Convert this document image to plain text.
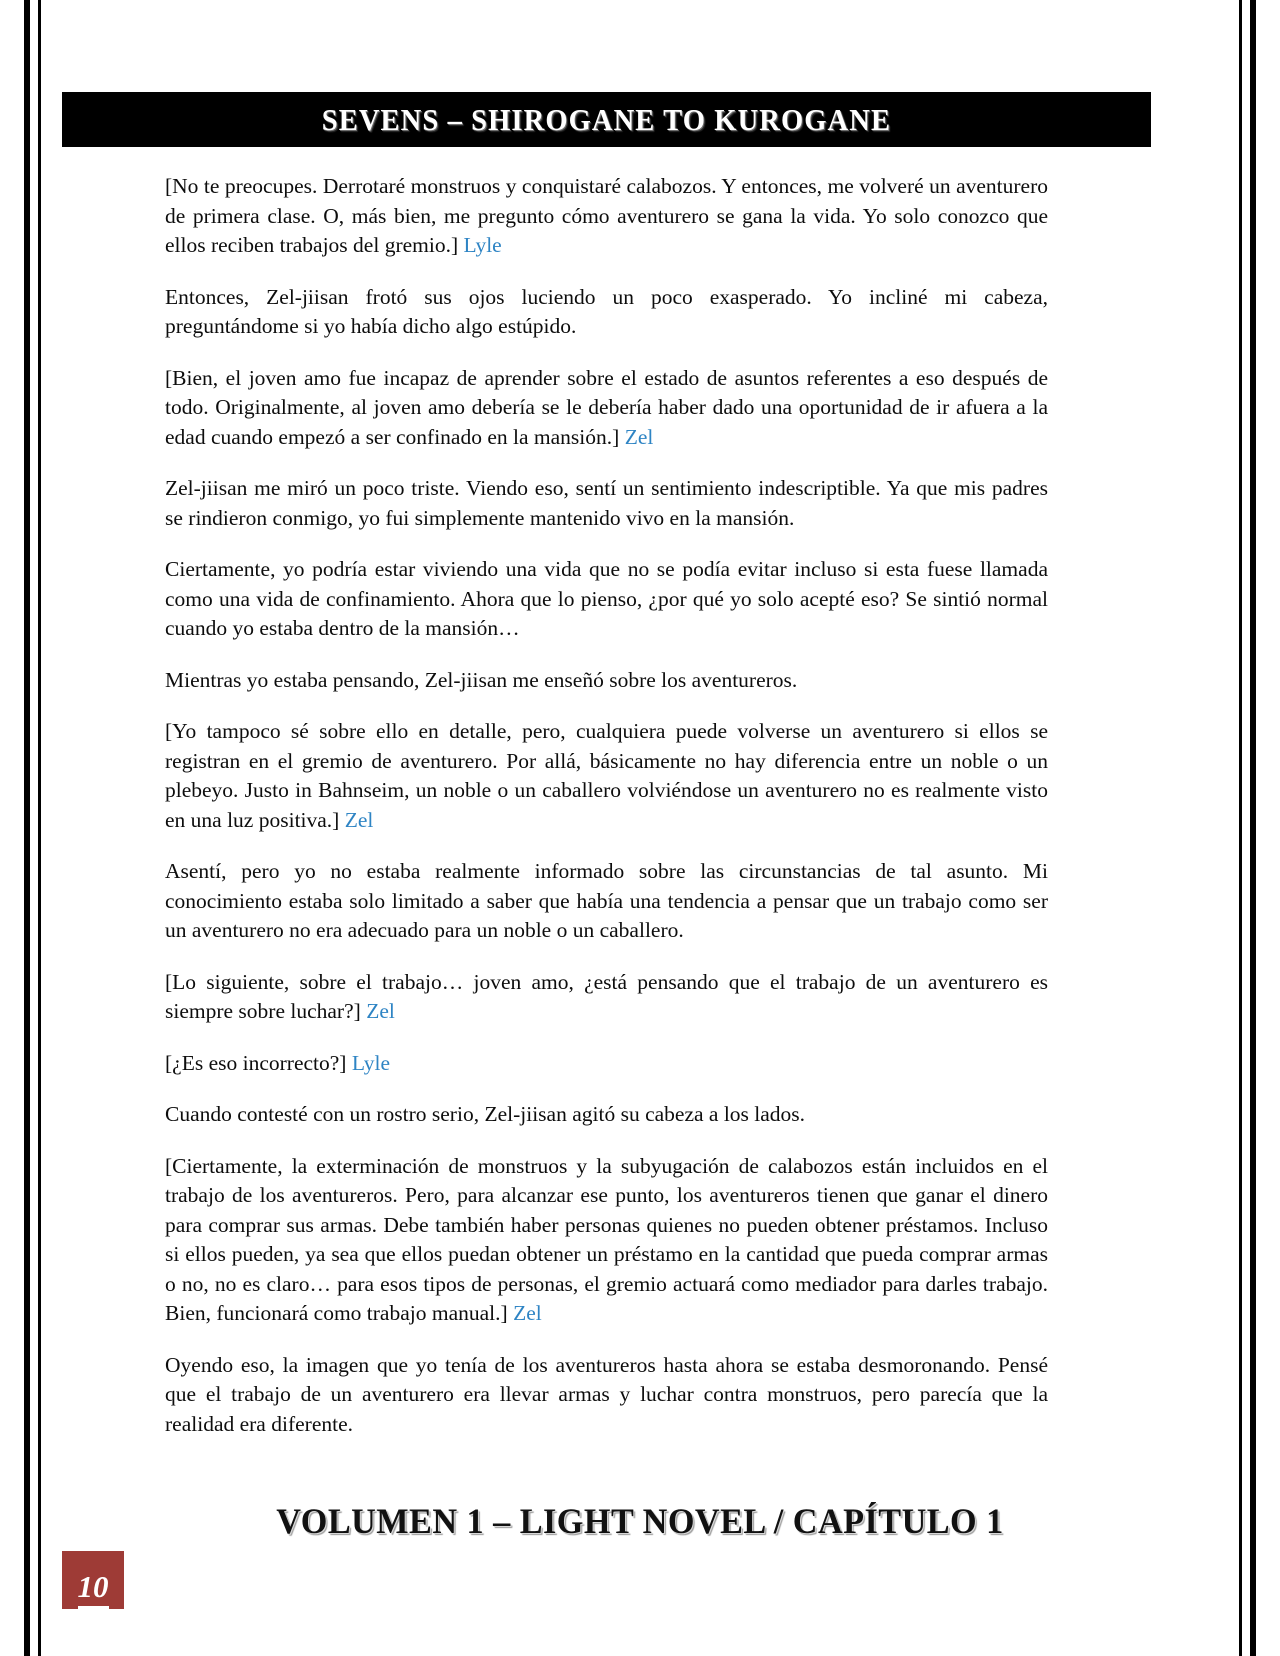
SEVENS – SHIROGANE TO KUROGANE

[No te preocupes. Derrotaré monstruos y conquistaré calabozos. Y entonces, me volveré un aventurero de primera clase. O, más bien, me pregunto cómo aventurero se gana la vida. Yo solo conozco que ellos reciben trabajos del gremio.] Lyle

Entonces, Zel-jiisan frotó sus ojos luciendo un poco exasperado. Yo incliné mi cabeza, preguntándome si yo había dicho algo estúpido.

[Bien, el joven amo fue incapaz de aprender sobre el estado de asuntos referentes a eso después de todo. Originalmente, al joven amo debería se le debería haber dado una oportunidad de ir afuera a la edad cuando empezó a ser confinado en la mansión.] Zel

Zel-jiisan me miró un poco triste. Viendo eso, sentí un sentimiento indescriptible. Ya que mis padres se rindieron conmigo, yo fui simplemente mantenido vivo en la mansión.

Ciertamente, yo podría estar viviendo una vida que no se podía evitar incluso si esta fuese llamada como una vida de confinamiento. Ahora que lo pienso, ¿por qué yo solo acepté eso? Se sintió normal cuando yo estaba dentro de la mansión…

Mientras yo estaba pensando, Zel-jiisan me enseñó sobre los aventureros.

[Yo tampoco sé sobre ello en detalle, pero, cualquiera puede volverse un aventurero si ellos se registran en el gremio de aventurero. Por allá, básicamente no hay diferencia entre un noble o un plebeyo. Justo in Bahnseim, un noble o un caballero volviéndose un aventurero no es realmente visto en una luz positiva.] Zel

Asentí, pero yo no estaba realmente informado sobre las circunstancias de tal asunto. Mi conocimiento estaba solo limitado a saber que había una tendencia a pensar que un trabajo como ser un aventurero no era adecuado para un noble o un caballero.

[Lo siguiente, sobre el trabajo… joven amo, ¿está pensando que el trabajo de un aventurero es siempre sobre luchar?] Zel

[¿Es eso incorrecto?] Lyle

Cuando contesté con un rostro serio, Zel-jiisan agitó su cabeza a los lados.

[Ciertamente, la exterminación de monstruos y la subyugación de calabozos están incluidos en el trabajo de los aventureros. Pero, para alcanzar ese punto, los aventureros tienen que ganar el dinero para comprar sus armas. Debe también haber personas quienes no pueden obtener préstamos. Incluso si ellos pueden, ya sea que ellos puedan obtener un préstamo en la cantidad que pueda comprar armas o no, no es claro… para esos tipos de personas, el gremio actuará como mediador para darles trabajo. Bien, funcionará como trabajo manual.] Zel

Oyendo eso, la imagen que yo tenía de los aventureros hasta ahora se estaba desmoronando. Pensé que el trabajo de un aventurero era llevar armas y luchar contra monstruos, pero parecía que la realidad era diferente.

VOLUMEN 1 – LIGHT NOVEL / CAPÍTULO 1
10
